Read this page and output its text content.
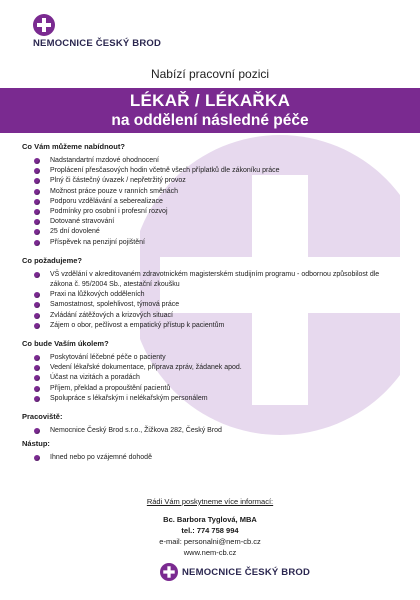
NEMOCNICE ČESKÝ BROD
Nabízí pracovní pozici
LÉKAŘ / LÉKAŘKA
na oddělení následné péče
Co Vám můžeme nabídnout?
Nadstandartní mzdové ohodnocení
Proplácení přesčasových hodin včetně všech příplatků dle zákoníku práce
Plný či částečný úvazek / nepřetržitý provoz
Možnost práce pouze v ranních směnách
Podporu vzdělávání a seberealizace
Podmínky pro osobní i profesní rozvoj
Dotované stravování
25 dní dovolené
Příspěvek na penzijní pojištění
Co požadujeme?
VŠ vzdělání v akreditovaném zdravotnickém magisterském studijním programu - odbornou způsobilost dle zákona č. 95/2004 Sb., atestační zkoušku
Praxi na lůžkových odděleních
Samostatnost, spolehlivost, týmová práce
Zvládání zátěžových a krizových situací
Zájem o obor, pečlivost a empatický přístup k pacientům
Co bude Vaším úkolem?
Poskytování léčebné péče o pacienty
Vedení lékařské dokumentace, příprava zpráv, žádanek apod.
Účast na vizitách a poradách
Příjem, překlad a propouštění pacientů
Spolupráce s lékařským i nelékařským personálem
Pracoviště:
Nemocnice Český Brod s.r.o., Žižkova 282, Český Brod
Nástup:
Ihned nebo po vzájemné dohodě
Rádi Vám poskytneme více informací:
Bc. Barbora Tyglová, MBA
tel.: 774 758 994
e-mail: personalni@nem-cb.cz
www.nem-cb.cz
NEMOCNICE ČESKÝ BROD
